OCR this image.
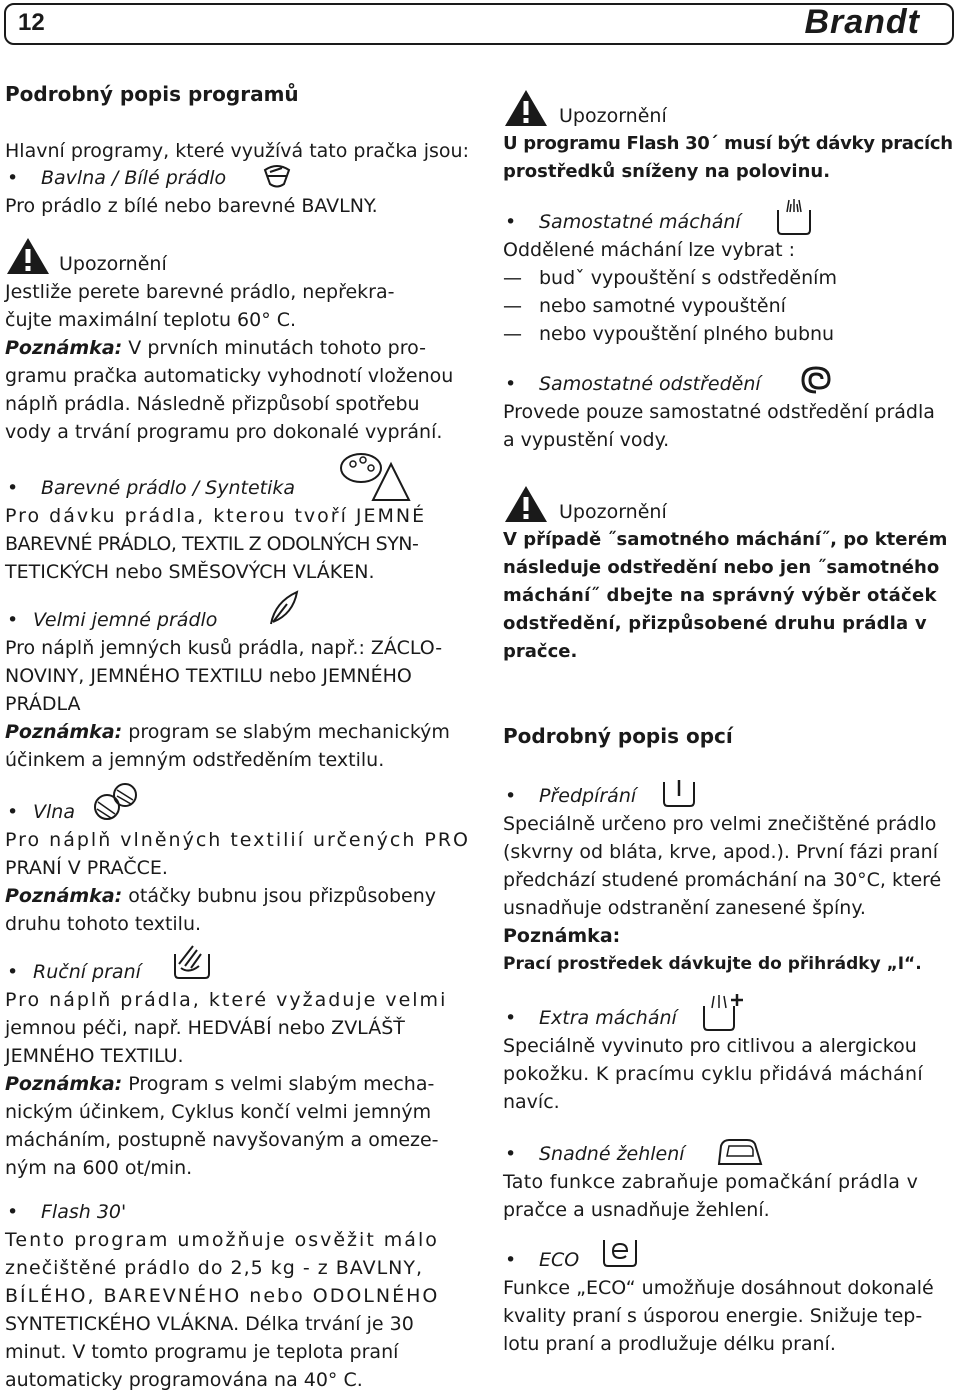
12	Brandt
Podrobný popis programů
Hlavní programy, které využívá tato pračka jsou:
• Bavlna / Bílé prádlo
Pro prádlo z bílé nebo barevné BAVLNY.
Upozornění
Jestliže perete barevné prádlo, nepřekra-
čujte maximální teplotu 60° C.
Poznámka: V prvních minutách tohoto pro-
gramu pračka automaticky vyhodnotí vloženou
náplň prádla. Následně přizpůsobí spotřebu
vody a trvání programu pro dokonalé vyprání.
• Barevné prádlo / Syntetika
Pro dávku prádla, kterou tvoří JEMNÉ
BAREVNÉ PRÁDLO, TEXTIL Z ODOLNÝCH SYN-
TETICKÝCH nebo SMĚSOVÝCH VLÁKEN.
• Velmi jemné prádlo
Pro náplň jemných kusů prádla, např.: ZÁCLO-
NOVINY, JEMNÉHO TEXTILU nebo JEMNÉHO
PRÁDLA
Poznámka: program se slabým mechanickým
účinkem a jemným odstředěním textilu.
• Vlna
Pro náplň vlněných textilií určených PRO
PRANÍ V PRAČCE.
Poznámka: otáčky bubnu jsou přizpůsobeny
druhu tohoto textilu.
• Ruční praní
Pro náplň prádla, které vyžaduje velmi
jemnou péči, např. HEDVÁBÍ nebo ZVLÁŠŤ
JEMNÉHO TEXTILU.
Poznámka: Program s velmi slabým mecha-
nickým účinkem, Cyklus končí velmi jemným
mácháním, postupně navyšovaným a omeze-
ným na 600 ot/min.
• Flash 30'
Tento program umožňuje osvěžit málo
znečištěné prádlo do 2,5 kg - z BAVLNY,
BÍLÉHO, BAREVNÉHO nebo ODOLNÉHO
SYNTETICKÉHO VLÁKNA. Délka trvání je 30
minut. V tomto programu je teplota praní
automaticky programována na 40° C.
Upozornění
U programu Flash 30´ musí být dávky pracích
prostředků sníženy na polovinu.
• Samostatné máchání
Oddělené máchání lze vybrat :
— budˇ vypouštění s odstředěním
— nebo samotné vypouštění
— nebo vypouštění plného bubnu
• Samostatné odstředění
Provede pouze samostatné odstředění prádla
a vypustění vody.
Upozornění
V případě ˝samotného máchání˝, po kterém
následuje odstředění nebo jen ˝samotného
máchání˝ dbejte na správný výběr otáček
odstředění, přizpůsobené druhu prádla v
pračce.
Podrobný popis opcí
• Předpírání
Speciálně určeno pro velmi znečištěné prádlo
(skvrny od bláta, krve, apod.). První fázi praní
předchází studené promáchání na 30°C, které
usnadňuje odstranění zanesené špíny.
Poznámka:
Prací prostředek dávkujte do přihrádky „I“.
• Extra máchání
Speciálně vyvinuto pro citlivou a alergickou
pokožku. K pracímu cyklu přidává máchání
navíc.
• Snadné žehlení
Tato funkce zabraňuje pomačkání prádla v
pračce a usnadňuje žehlení.
• ECO
Funkce „ECO“ umožňuje dosáhnout dokonalé
kvality praní s úsporou energie. Snižuje tep-
lotu praní a prodlužuje délku praní.
